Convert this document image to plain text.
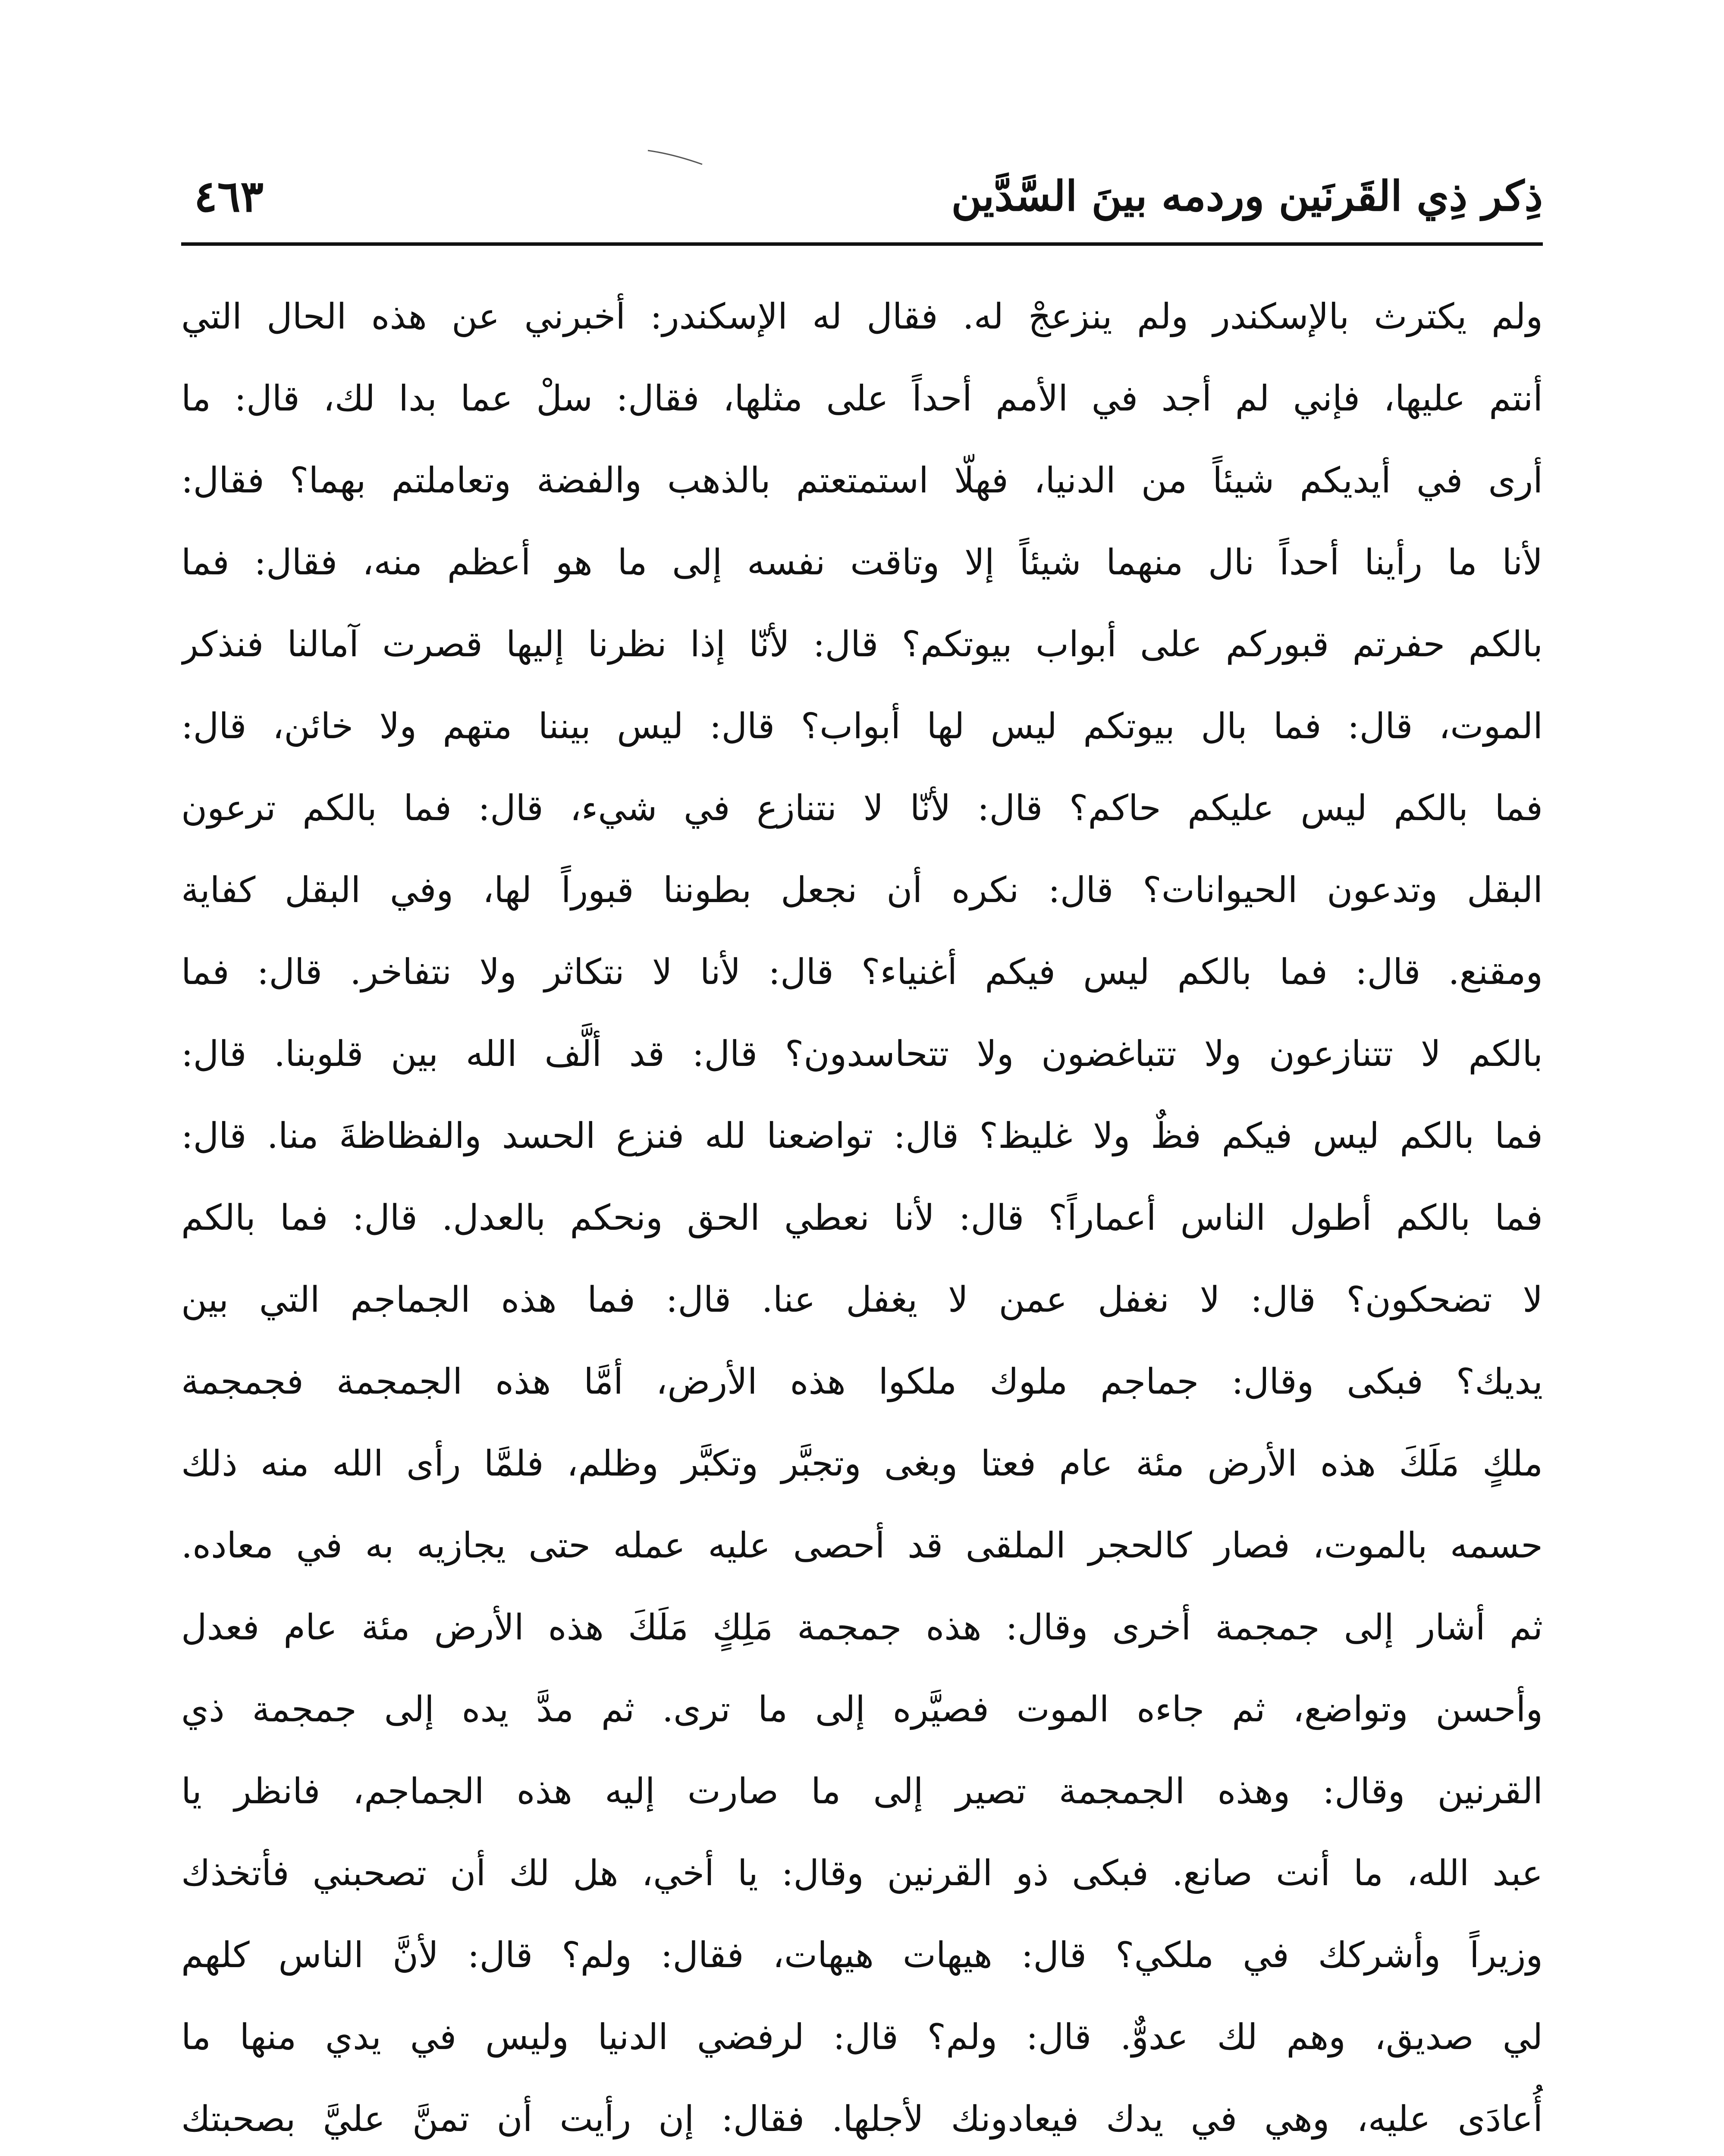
ذِكر ذِي القَرنَين وردمه بينَ السَّدَّين
٤٦٣
ولم يكترث بالإسكندر ولم ينزعجْ له. فقال له الإسكندر: أخبرني عن هذه الحال التي
أنتم عليها، فإني لم أجد في الأمم أحداً على مثلها، فقال: سلْ عما بدا لك، قال: ما
أرى في أيديكم شيئاً من الدنيا، فهلّا استمتعتم بالذهب والفضة وتعاملتم بهما؟ فقال:
لأنا ما رأينا أحداً نال منهما شيئاً إلا وتاقت نفسه إلى ما هو أعظم منه، فقال: فما
بالكم حفرتم قبوركم على أبواب بيوتكم؟ قال: لأنّا إذا نظرنا إليها قصرت آمالنا فنذكر
الموت، قال: فما بال بيوتكم ليس لها أبواب؟ قال: ليس بيننا متهم ولا خائن، قال:
فما بالكم ليس عليكم حاكم؟ قال: لأنّا لا نتنازع في شيء، قال: فما بالكم ترعون
البقل وتدعون الحيوانات؟ قال: نكره أن نجعل بطوننا قبوراً لها، وفي البقل كفاية
ومقنع. قال: فما بالكم ليس فيكم أغنياء؟ قال: لأنا لا نتكاثر ولا نتفاخر. قال: فما
بالكم لا تتنازعون ولا تتباغضون ولا تتحاسدون؟ قال: قد ألَّف الله بين قلوبنا. قال:
فما بالكم ليس فيكم فظٌ ولا غليظ؟ قال: تواضعنا لله فنزع الحسد والفظاظةَ منا. قال:
فما بالكم أطول الناس أعماراً؟ قال: لأنا نعطي الحق ونحكم بالعدل. قال: فما بالكم
لا تضحكون؟ قال: لا نغفل عمن لا يغفل عنا. قال: فما هذه الجماجم التي بين
يديك؟ فبكى وقال: جماجم ملوك ملكوا هذه الأرض، أمَّا هذه الجمجمة فجمجمة
ملكٍ مَلَكَ هذه الأرض مئة عام فعتا وبغى وتجبَّر وتكبَّر وظلم، فلمَّا رأى الله منه ذلك
حسمه بالموت، فصار كالحجر الملقى قد أحصى عليه عمله حتى يجازيه به في معاده.
ثم أشار إلى جمجمة أخرى وقال: هذه جمجمة مَلِكٍ مَلَكَ هذه الأرض مئة عام فعدل
وأحسن وتواضع، ثم جاءه الموت فصيَّره إلى ما ترى. ثم مدَّ يده إلى جمجمة ذي
القرنين وقال: وهذه الجمجمة تصير إلى ما صارت إليه هذه الجماجم، فانظر يا
عبد الله، ما أنت صانع. فبكى ذو القرنين وقال: يا أخي، هل لك أن تصحبني فأتخذك
وزيراً وأشركك في ملكي؟ قال: هيهات هيهات، فقال: ولم؟ قال: لأنَّ الناس كلهم
لي صديق، وهم لك عدوٌّ. قال: ولم؟ قال: لرفضي الدنيا وليس في يدي منها ما
أُعادَى عليه، وهي في يدك فيعادونك لأجلها. فقال: إن رأيت أن تمنَّ عليَّ بصحبتك
